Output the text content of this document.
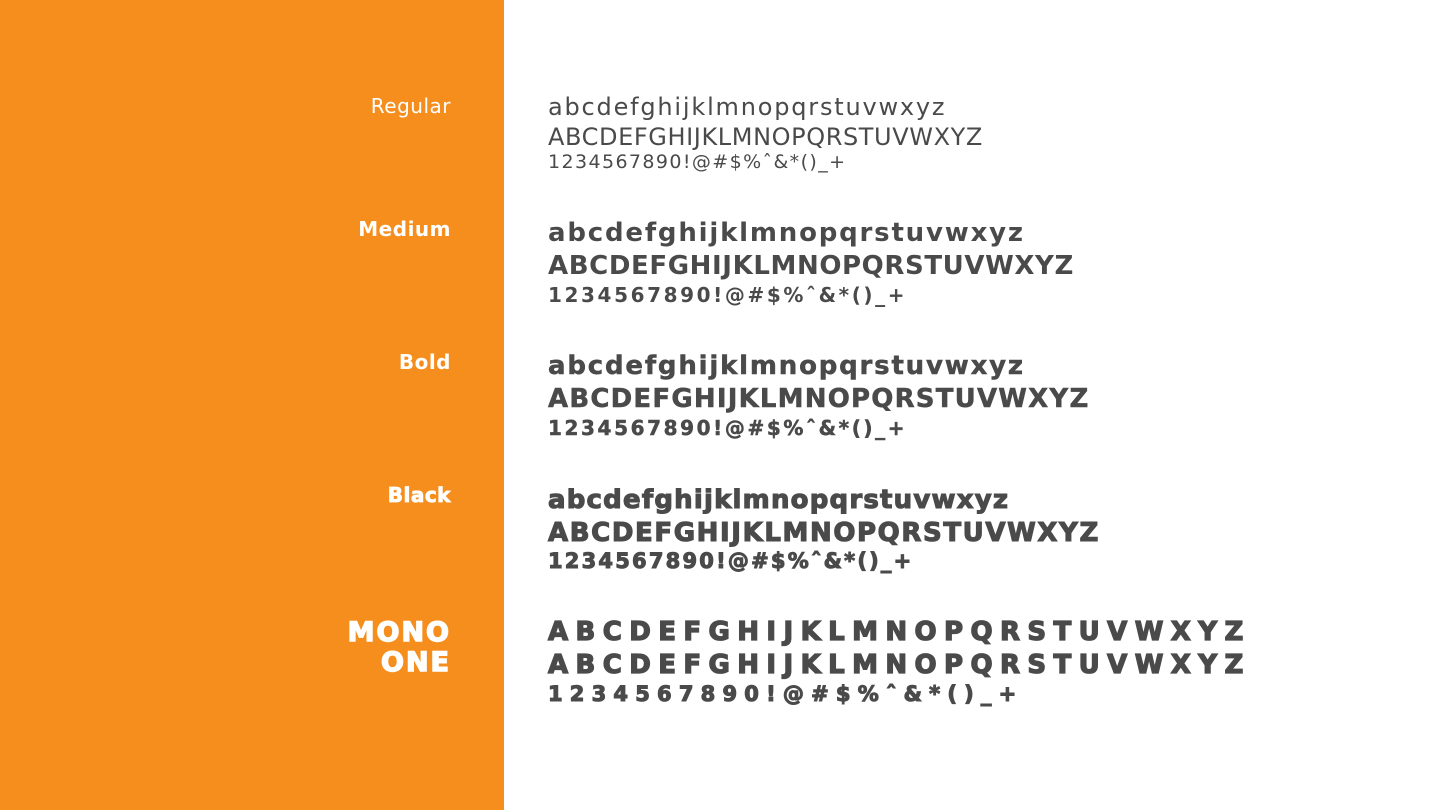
Regular
Medium
Bold
Black
MONO
ONE
abcdefghijklmnopqrstuvwxyz
ABCDEFGHIJKLMNOPQRSTUVWXYZ
1234567890!@#$%ˆ&*()_+
abcdefghijklmnopqrstuvwxyz
ABCDEFGHIJKLMNOPQRSTUVWXYZ
1234567890!@#$%ˆ&*()_+
abcdefghijklmnopqrstuvwxyz
ABCDEFGHIJKLMNOPQRSTUVWXYZ
1234567890!@#$%ˆ&*()_+
abcdefghijklmnopqrstuvwxyz
ABCDEFGHIJKLMNOPQRSTUVWXYZ
1234567890!@#$%ˆ&*()_+
ABCDEFGHIJKLMNOPQRSTUVWXYZ
ABCDEFGHIJKLMNOPQRSTUVWXYZ
1234567890!@#$%ˆ&*()_+
